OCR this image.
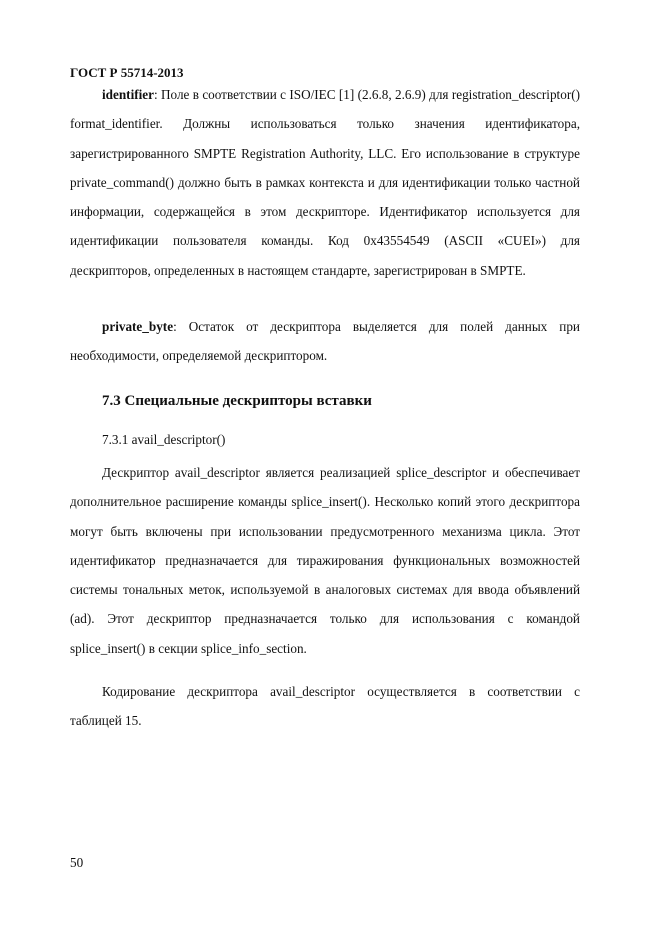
ГОСТ Р 55714-2013

identifier: Поле в соответствии с ISO/IEC [1] (2.6.8, 2.6.9) для registration_descriptor() format_identifier. Должны использоваться только значения идентификатора, зарегистрированного SMPTE Registration Authority, LLC. Его использование в структуре private_command() должно быть в рамках контекста и для идентификации только частной информации, содержащейся в этом дескрипторе. Идентификатор используется для идентификации пользователя команды. Код 0x43554549 (ASCII «CUEI») для дескрипторов, определенных в настоящем стандарте, зарегистрирован в SMPTE.

private_byte: Остаток от дескриптора выделяется для полей данных при необходимости, определяемой дескриптором.

7.3 Специальные дескрипторы вставки

7.3.1 avail_descriptor()

Дескриптор avail_descriptor является реализацией splice_descriptor и обеспечивает дополнительное расширение команды splice_insert(). Несколько копий этого дескриптора могут быть включены при использовании предусмотренного механизма цикла. Этот идентификатор предназначается для тиражирования функциональных возможностей системы тональных меток, используемой в аналоговых системах для ввода объявлений (ad). Этот дескриптор предназначается только для использования с командой splice_insert() в секции splice_info_section.

Кодирование дескриптора avail_descriptor осуществляется в соответствии с таблицей 15.

50
